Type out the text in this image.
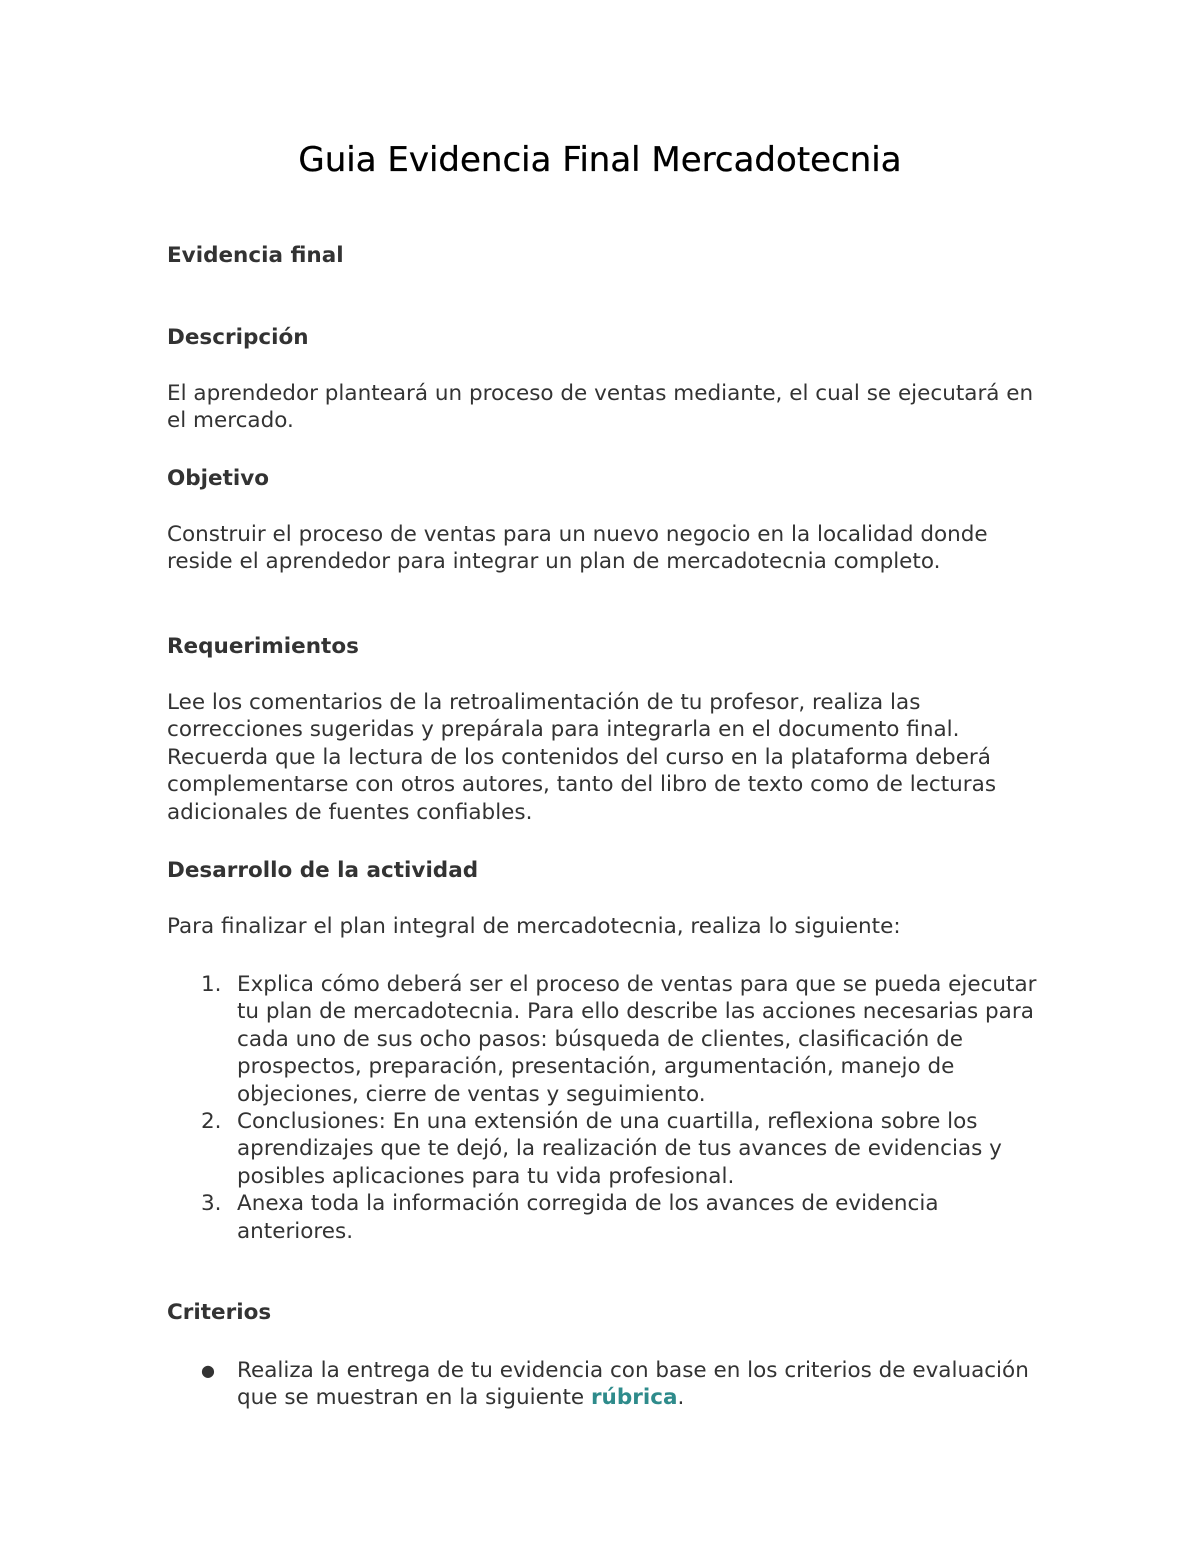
Guia Evidencia Final Mercadotecnia
Evidencia final
Descripción

El aprendedor planteará un proceso de ventas mediante, el cual se ejecutará en el mercado.

Objetivo

Construir el proceso de ventas para un nuevo negocio en la localidad donde reside el aprendedor para integrar un plan de mercadotecnia completo.

Requerimientos

Lee los comentarios de la retroalimentación de tu profesor, realiza las correcciones sugeridas y prepárala para integrarla en el documento final. Recuerda que la lectura de los contenidos del curso en la plataforma deberá complementarse con otros autores, tanto del libro de texto como de lecturas adicionales de fuentes confiables.

Desarrollo de la actividad

Para finalizar el plan integral de mercadotecnia, realiza lo siguiente:

1. Explica cómo deberá ser el proceso de ventas para que se pueda ejecutar tu plan de mercadotecnia. Para ello describe las acciones necesarias para cada uno de sus ocho pasos: búsqueda de clientes, clasificación de prospectos, preparación, presentación, argumentación, manejo de objeciones, cierre de ventas y seguimiento.
2. Conclusiones: En una extensión de una cuartilla, reflexiona sobre los aprendizajes que te dejó, la realización de tus avances de evidencias y posibles aplicaciones para tu vida profesional.
3. Anexa toda la información corregida de los avances de evidencia anteriores.
Criterios
● Realiza la entrega de tu evidencia con base en los criterios de evaluación que se muestran en la siguiente rúbrica.
